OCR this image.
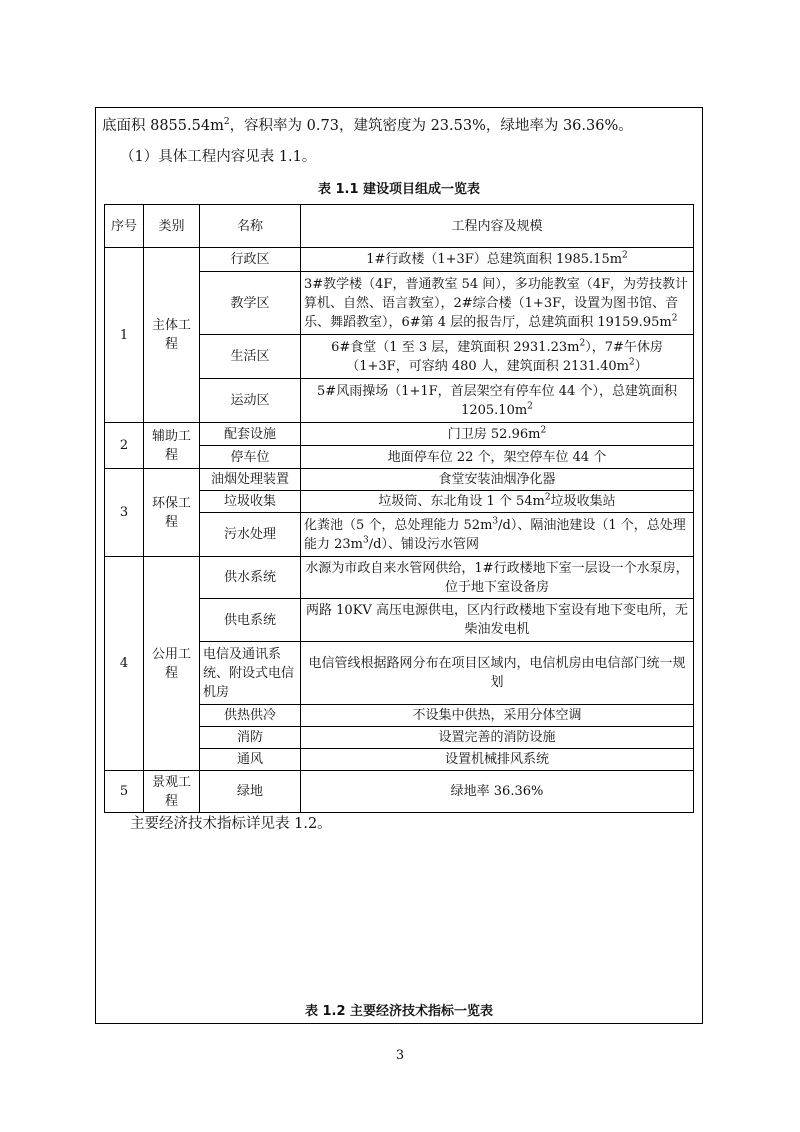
底面积 $8855.54m^2$，容积率为 0.73，建筑密度为 23.53%，绿地率为 36.36%。
（1）具体工程内容见表 1.1。
表 1.1 建设项目组成一览表
序号	类别	名称	工程内容及规模
1	主体工程	行政区	1#行政楼（1+3F）总建筑面积 $1985.15m^2$
		教学区	3#教学楼（4F，普通教室 54 间），多功能教室（4F，为劳技教计算机、自然、语言教室），2#综合楼（1+3F，设置为图书馆、音乐、舞蹈教室），6#第 4 层的报告厅，总建筑面积 $19159.95m^2$
		生活区	6#食堂（1 至 3 层，建筑面积 $2931.23m^2$），7#午休房（1+3F，可容纳 480 人，建筑面积 $2131.40m^2$）
		运动区	5#风雨操场（1+1F，首层架空有停车位 44 个），总建筑面积 $1205.10m^2$
2	辅助工程	配套设施	门卫房 $52.96m^2$
		停车位	地面停车位 22 个，架空停车位 44 个
3	环保工程	油烟处理装置	食堂安装油烟净化器
		垃圾收集	垃圾筒、东北角设 1 个 $54m^2$垃圾收集站
		污水处理	化粪池（5 个，总处理能力 $52m^3/d$）、隔油池建设（1 个，总处理能力 $23m^3/d$）、铺设污水管网
4	公用工程	供水系统	水源为市政自来水管网供给，1#行政楼地下室一层设一个水泵房，位于地下室设备房
		供电系统	两路 10KV 高压电源供电，区内行政楼地下室设有地下变电所，无柴油发电机
		电信及通讯系统、附设式电信机房	电信管线根据路网分布在项目区域内，电信机房由电信部门统一规划
		供热供冷	不设集中供热，采用分体空调
		消防	设置完善的消防设施
		通风	设置机械排风系统
5	景观工程	绿地	绿地率 36.36%
主要经济技术指标详见表 1.2。
表 1.2 主要经济技术指标一览表
3
